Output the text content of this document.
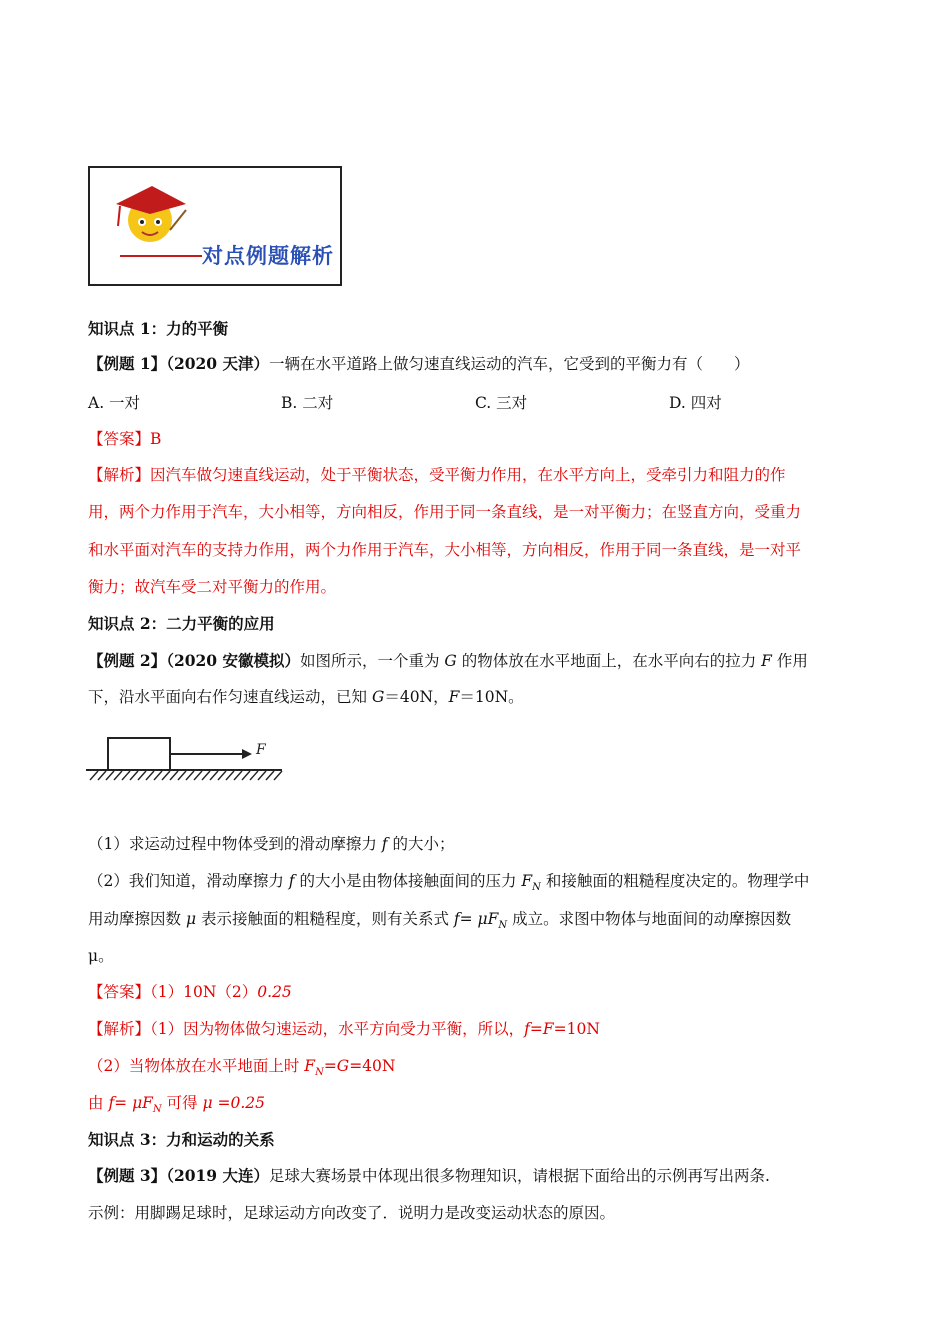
对点例题解析
知识点 1：力的平衡
【例题 1】（2020 天津）一辆在水平道路上做匀速直线运动的汽车，它受到的平衡力有（　　）
A. 一对	B. 二对	C. 三对	D. 四对
【答案】B
【解析】因汽车做匀速直线运动，处于平衡状态，受平衡力作用，在水平方向上，受牵引力和阻力的作
用，两个力作用于汽车，大小相等，方向相反，作用于同一条直线，是一对平衡力；在竖直方向，受重力
和水平面对汽车的支持力作用，两个力作用于汽车，大小相等，方向相反，作用于同一条直线，是一对平
衡力；故汽车受二对平衡力的作用。
知识点 2：二力平衡的应用
【例题 2】（2020 安徽模拟）如图所示，一个重为 G 的物体放在水平地面上，在水平向右的拉力 F 作用
下，沿水平面向右作匀速直线运动，已知 G＝40N，F＝10N。
F
（1）求运动过程中物体受到的滑动摩擦力 f 的大小；
（2）我们知道，滑动摩擦力 f 的大小是由物体接触面间的压力 $F_N$ 和接触面的粗糙程度决定的。物理学中
用动摩擦因数 μ 表示接触面的粗糙程度，则有关系式 $f= \mu F_N$ 成立。求图中物体与地面间的动摩擦因数
μ。
【答案】（1）10N（2）0.25
【解析】（1）因为物体做匀速运动，水平方向受力平衡，所以，f=F=10N
（2）当物体放在水平地面上时 $F_N=G=40N$
由 $f= \mu F_N$ 可得 μ =0.25
知识点 3：力和运动的关系
【例题 3】（2019 大连）足球大赛场景中体现出很多物理知识，请根据下面给出的示例再写出两条.
示例：用脚踢足球时，足球运动方向改变了．说明力是改变运动状态的原因。
